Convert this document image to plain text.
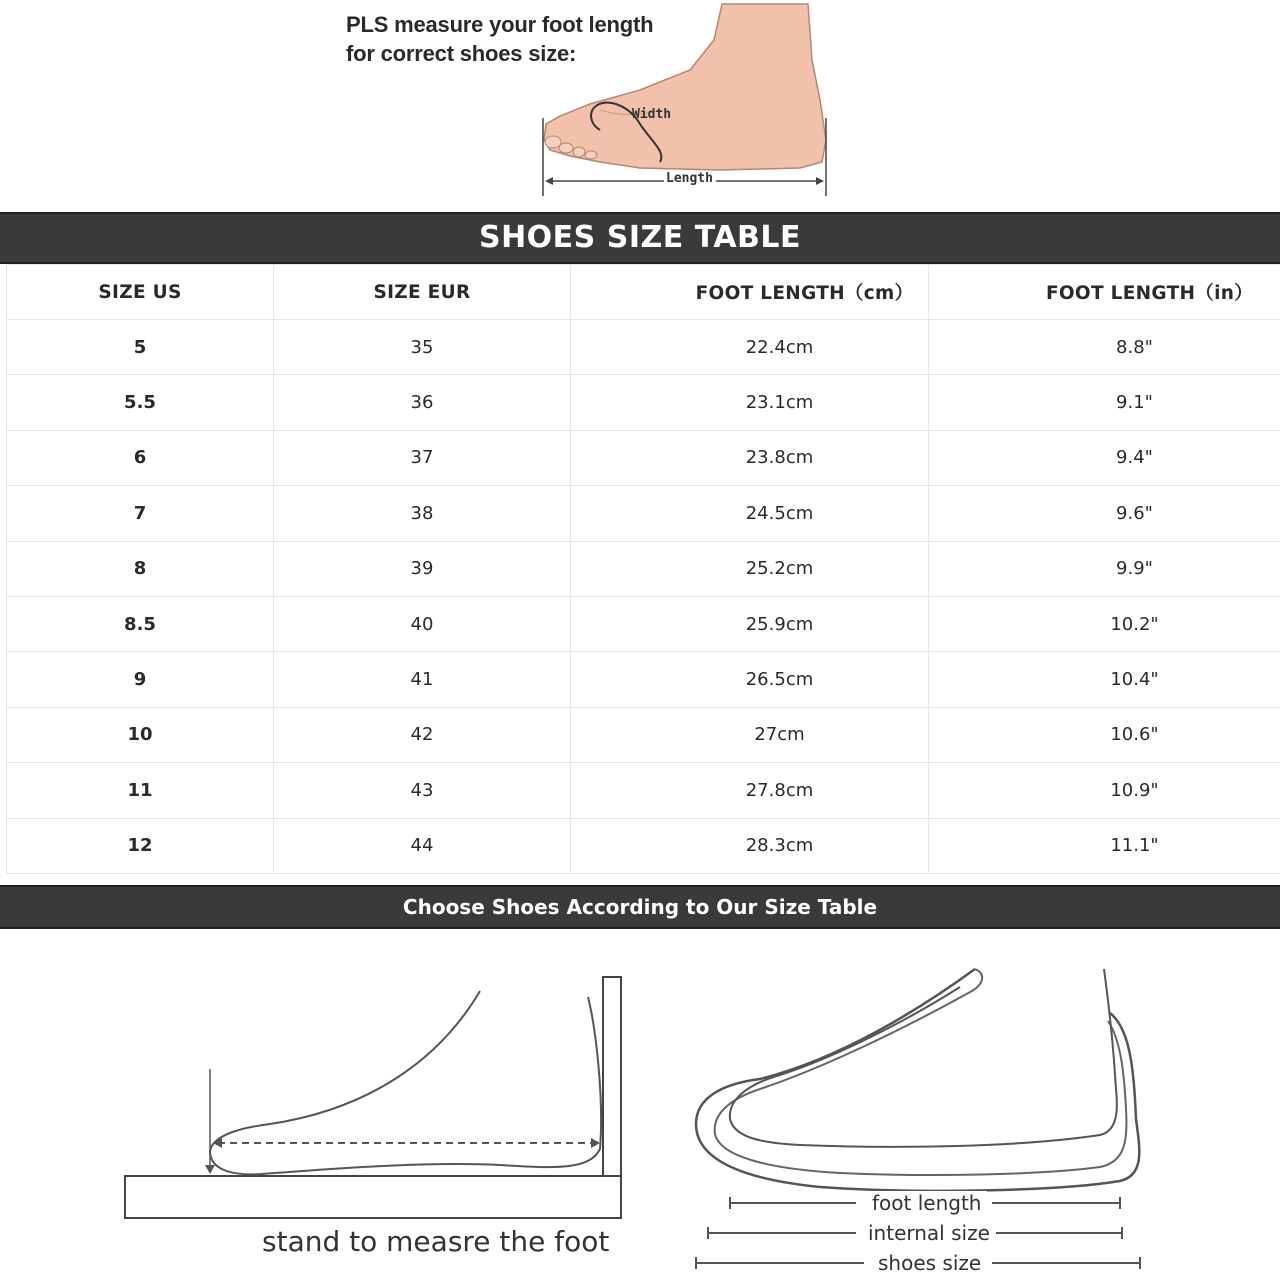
PLS measure your foot length
for correct shoes size:
Width
Length
SHOES SIZE TABLE
SIZE US	SIZE EUR	FOOT LENGTH（cm）	FOOT LENGTH（in）
5	35	22.4cm	8.8"
5.5	36	23.1cm	9.1"
6	37	23.8cm	9.4"
7	38	24.5cm	9.6"
8	39	25.2cm	9.9"
8.5	40	25.9cm	10.2"
9	41	26.5cm	10.4"
10	42	27cm	10.6"
11	43	27.8cm	10.9"
12	44	28.3cm	11.1"
Choose Shoes According to Our Size Table
stand to measre the foot
foot length
internal size
shoes size
